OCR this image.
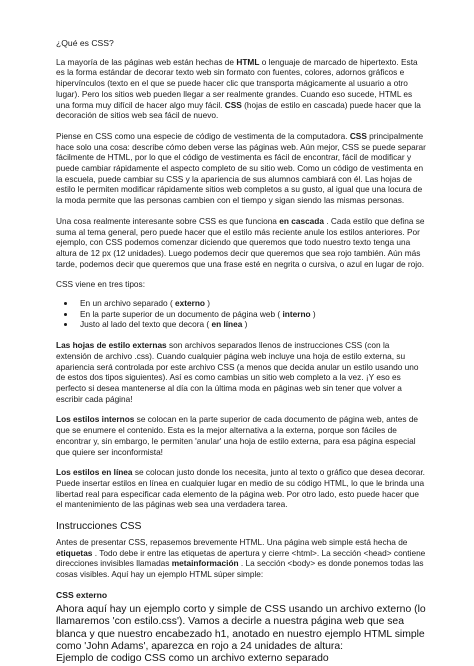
¿Qué es CSS?

La mayoría de las páginas web están hechas de HTML o lenguaje de marcado de hipertexto. Esta es la forma estándar de decorar texto web sin formato con fuentes, colores, adornos gráficos e hipervínculos (texto en el que se puede hacer clic que transporta mágicamente al usuario a otro lugar). Pero los sitios web pueden llegar a ser realmente grandes. Cuando eso sucede, HTML es una forma muy difícil de hacer algo muy fácil. CSS (hojas de estilo en cascada) puede hacer que la decoración de sitios web sea fácil de nuevo.

Piense en CSS como una especie de código de vestimenta de la computadora. CSS principalmente hace solo una cosa: describe cómo deben verse las páginas web. Aún mejor, CSS se puede separar fácilmente de HTML, por lo que el código de vestimenta es fácil de encontrar, fácil de modificar y puede cambiar rápidamente el aspecto completo de su sitio web. Como un código de vestimenta en la escuela, puede cambiar su CSS y la apariencia de sus alumnos cambiará con él. Las hojas de estilo le permiten modificar rápidamente sitios web completos a su gusto, al igual que una locura de la moda permite que las personas cambien con el tiempo y sigan siendo las mismas personas.

Una cosa realmente interesante sobre CSS es que funciona en cascada . Cada estilo que defina se suma al tema general, pero puede hacer que el estilo más reciente anule los estilos anteriores. Por ejemplo, con CSS podemos comenzar diciendo que queremos que todo nuestro texto tenga una altura de 12 px (12 unidades). Luego podemos decir que queremos que sea rojo también. Aún más tarde, podemos decir que queremos que una frase esté en negrita o cursiva, o azul en lugar de rojo.

CSS viene en tres tipos:

• En un archivo separado ( externo )
• En la parte superior de un documento de página web ( interno )
• Justo al lado del texto que decora ( en línea )

Las hojas de estilo externas son archivos separados llenos de instrucciones CSS (con la extensión de archivo .css). Cuando cualquier página web incluye una hoja de estilo externa, su apariencia será controlada por este archivo CSS (a menos que decida anular un estilo usando uno de estos dos tipos siguientes). Así es como cambias un sitio web completo a la vez. ¡Y eso es perfecto si desea mantenerse al día con la última moda en páginas web sin tener que volver a escribir cada página!

Los estilos internos se colocan en la parte superior de cada documento de página web, antes de que se enumere el contenido. Esta es la mejor alternativa a la externa, porque son fáciles de encontrar y, sin embargo, le permiten 'anular' una hoja de estilo externa, para esa página especial que quiere ser inconformista!

Los estilos en línea se colocan justo donde los necesita, junto al texto o gráfico que desea decorar. Puede insertar estilos en línea en cualquier lugar en medio de su código HTML, lo que le brinda una libertad real para especificar cada elemento de la página web. Por otro lado, esto puede hacer que el mantenimiento de las páginas web sea una verdadera tarea.

Instrucciones CSS

Antes de presentar CSS, repasemos brevemente HTML. Una página web simple está hecha de etiquetas . Todo debe ir entre las etiquetas de apertura y cierre <html>. La sección <head> contiene direcciones invisibles llamadas metainformación . La sección <body> es donde ponemos todas las cosas visibles. Aquí hay un ejemplo HTML súper simple:

CSS externo

Ahora aquí hay un ejemplo corto y simple de CSS usando un archivo externo (lo llamaremos 'con estilo.css'). Vamos a decirle a nuestra página web que sea blanca y que nuestro encabezado h1, anotado en nuestro ejemplo HTML simple como 'John Adams', aparezca en rojo a 24 unidades de altura:

Ejemplo de codigo CSS como un archivo externo separado
